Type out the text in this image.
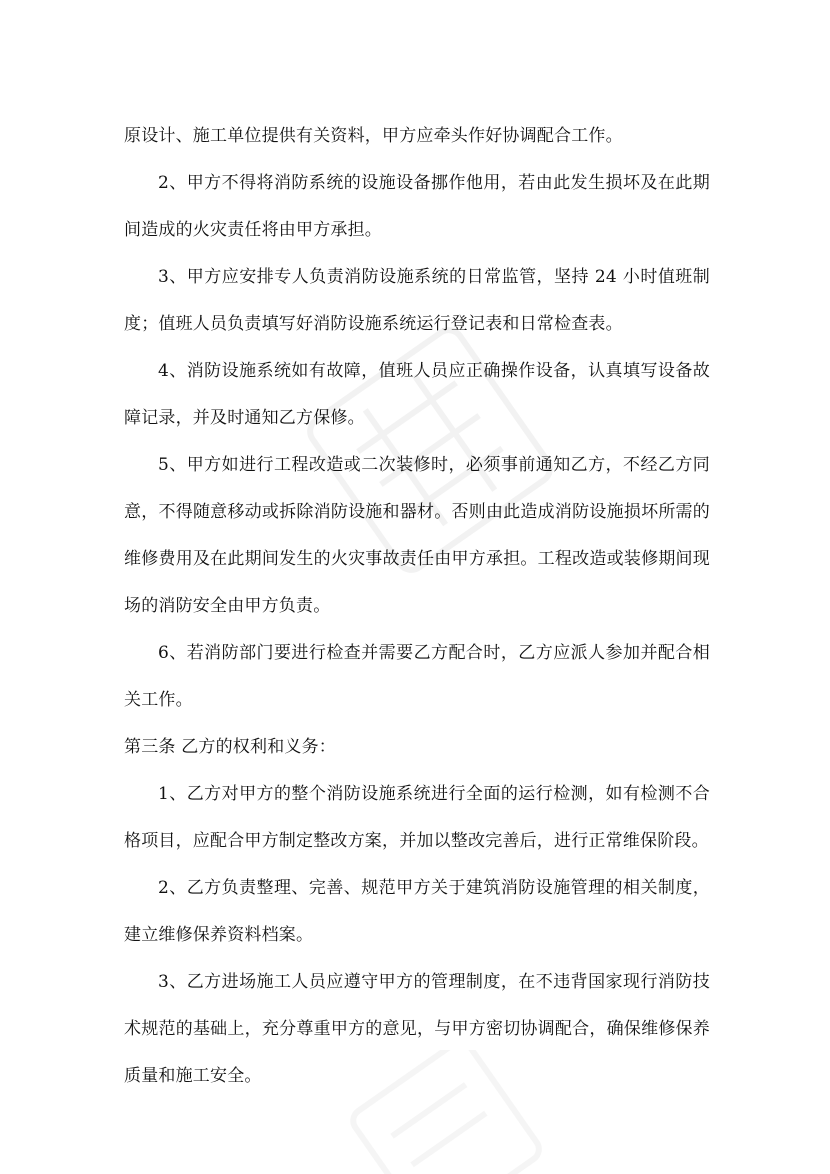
原设计、施工单位提供有关资料，甲方应牵头作好协调配合工作。

2、甲方不得将消防系统的设施设备挪作他用，若由此发生损坏及在此期间造成的火灾责任将由甲方承担。

3、甲方应安排专人负责消防设施系统的日常监管，坚持 24 小时值班制度；值班人员负责填写好消防设施系统运行登记表和日常检查表。

4、消防设施系统如有故障，值班人员应正确操作设备，认真填写设备故障记录，并及时通知乙方保修。

5、甲方如进行工程改造或二次装修时，必须事前通知乙方，不经乙方同意，不得随意移动或拆除消防设施和器材。否则由此造成消防设施损坏所需的维修费用及在此期间发生的火灾事故责任由甲方承担。工程改造或装修期间现场的消防安全由甲方负责。

6、若消防部门要进行检查并需要乙方配合时，乙方应派人参加并配合相关工作。

第三条 乙方的权利和义务：

1、乙方对甲方的整个消防设施系统进行全面的运行检测，如有检测不合格项目，应配合甲方制定整改方案，并加以整改完善后，进行正常维保阶段。

2、乙方负责整理、完善、规范甲方关于建筑消防设施管理的相关制度，建立维修保养资料档案。

3、乙方进场施工人员应遵守甲方的管理制度，在不违背国家现行消防技术规范的基础上，充分尊重甲方的意见，与甲方密切协调配合，确保维修保养质量和施工安全。
